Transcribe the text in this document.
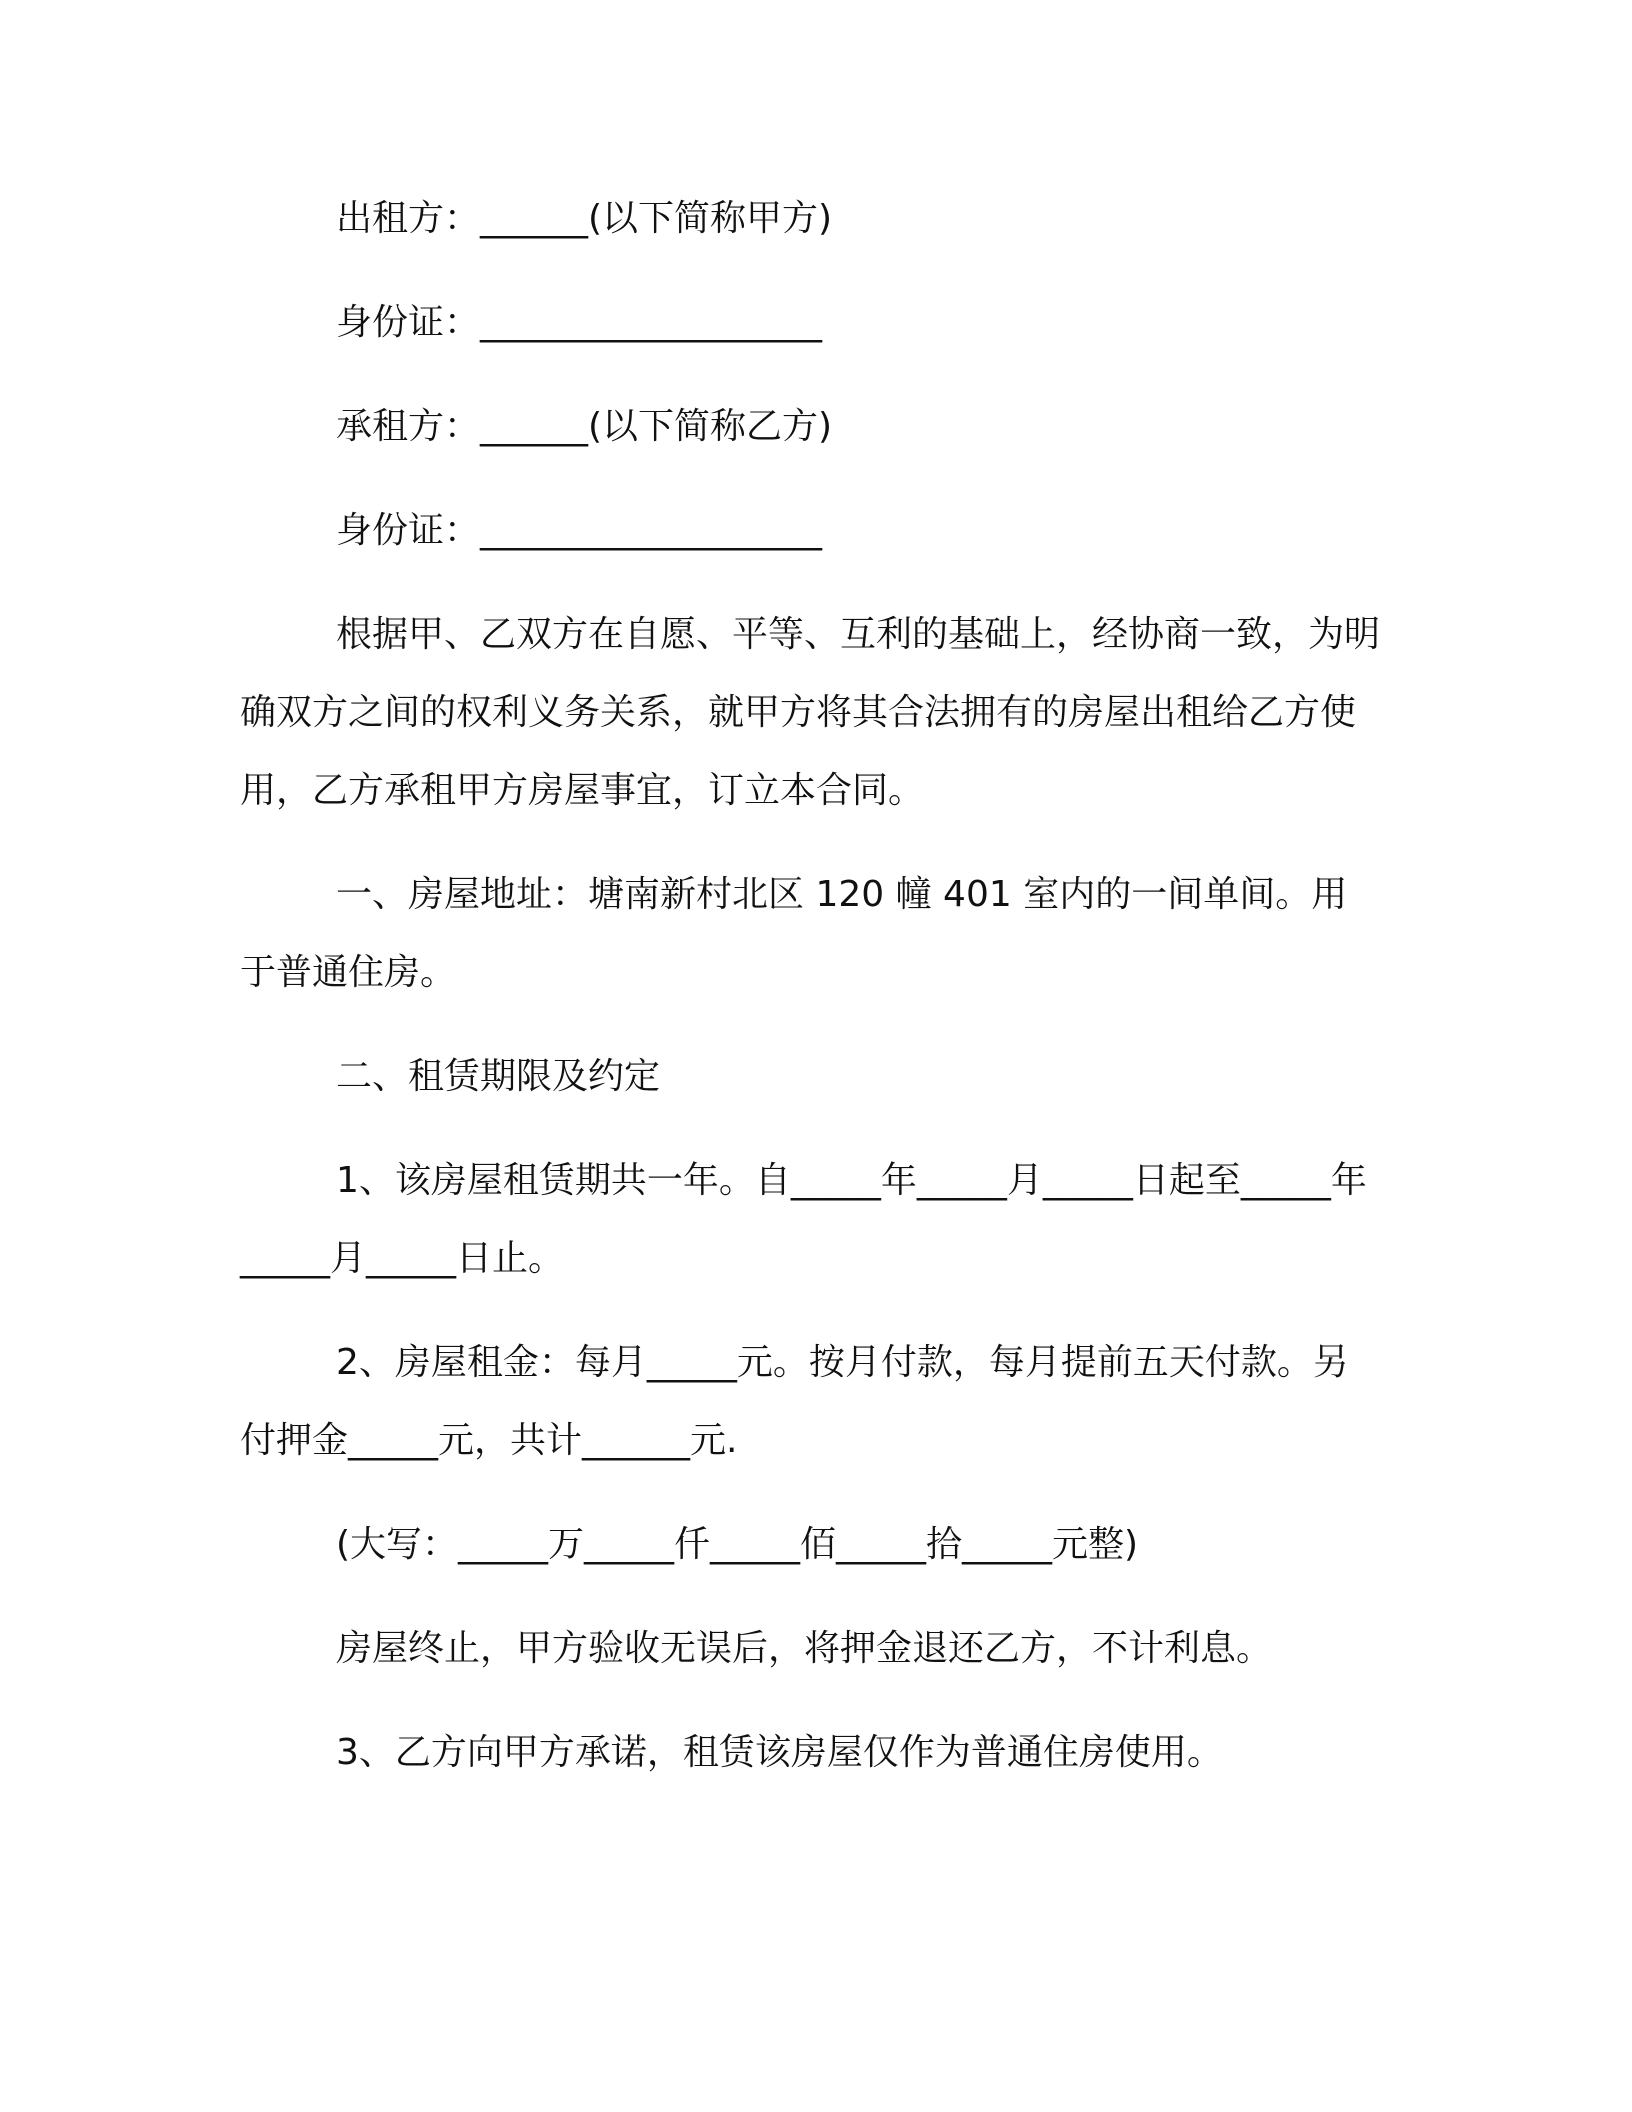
出租方：______(以下简称甲方)

身份证：___________________

承租方：______(以下简称乙方)

身份证：___________________

根据甲、乙双方在自愿、平等、互利的基础上，经协商一致，为明确双方之间的权利义务关系，就甲方将其合法拥有的房屋出租给乙方使用，乙方承租甲方房屋事宜，订立本合同。

一、房屋地址：塘南新村北区 120 幢 401 室内的一间单间。用于普通住房。

二、租赁期限及约定

1、该房屋租赁期共一年。自_____年_____月_____日起至_____年_____月_____日止。

2、房屋租金：每月_____元。按月付款，每月提前五天付款。另付押金_____元，共计______元.

(大写：_____万_____仟_____佰_____拾_____元整)

房屋终止，甲方验收无误后，将押金退还乙方，不计利息。

3、乙方向甲方承诺，租赁该房屋仅作为普通住房使用。
